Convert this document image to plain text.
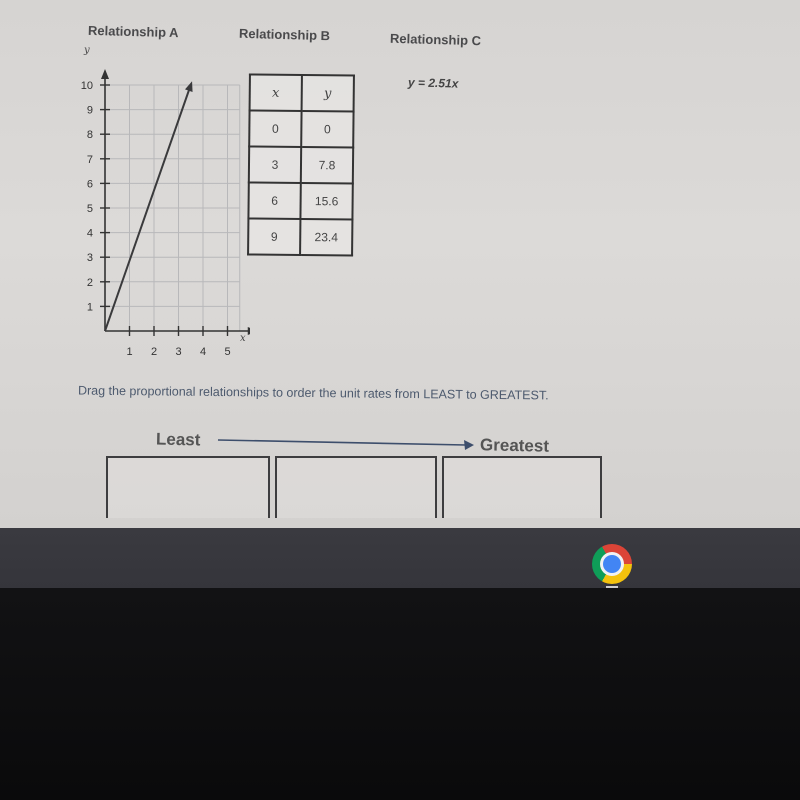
Relationship A	Relationship B	Relationship C
1
2
3
4
5
6
7
8
9
10
1 2 3 4 5
y
x
x	y
0	0
3	7.8
6	15.6
9	23.4
y = 2.51x
Drag the proportional relationships to order the unit rates from LEAST to GREATEST.
Least	Greatest
